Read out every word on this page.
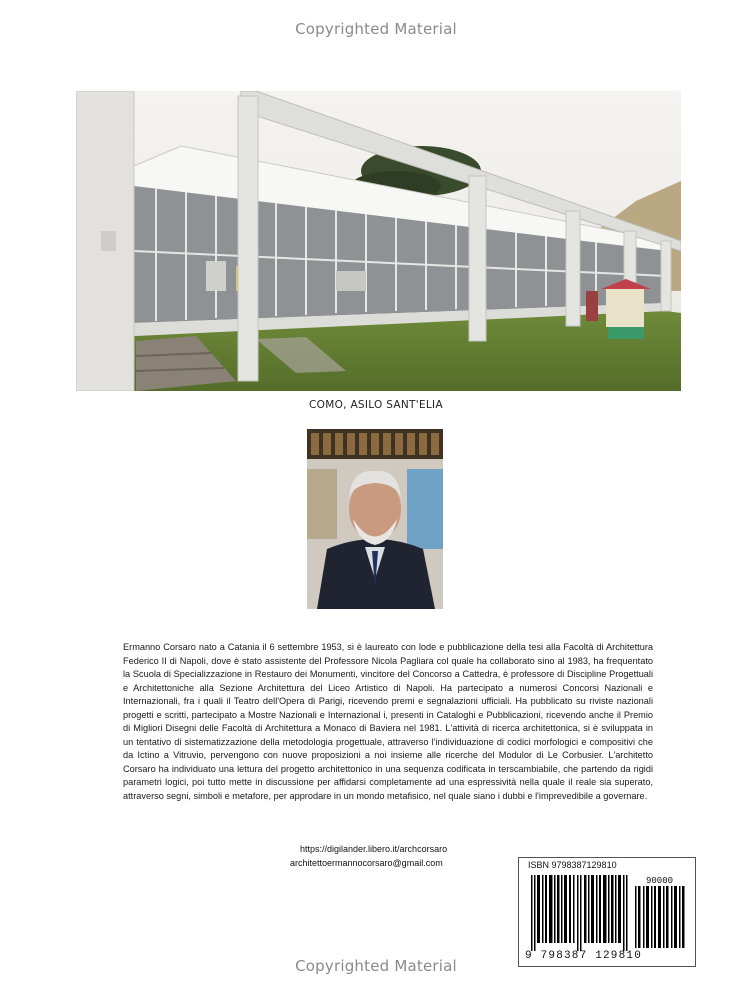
Copyrighted Material
COMO, ASILO SANT'ELIA

Ermanno Corsaro nato a Catania il 6 settembre 1953, si è laureato con lode e pubblicazione della tesi alla Facoltà di Architettura Federico II di Napoli, dove è stato assistente del Professore Nicola Pagliara col quale ha collaborato sino al 1983, ha frequentato la Scuola di Specializzazione in Restauro dei Monumenti, vincitore del Concorso a Cattedra, è professore di Discipline Progettuali e Architettoniche alla Sezione Architettura del Liceo Artistico di Napoli. Ha partecipato a numerosi Concorsi Nazionali e Internazionali, fra i quali il Teatro dell'Opera di Parigi, ricevendo premi e segnalazioni ufficiali. Ha pubblicato su riviste nazionali progetti e scritti, partecipato a Mostre Nazionali e Internazional i, presenti in Cataloghi e Pubblicazioni, ricevendo anche il Premio di Migliori Disegni delle Facoltà di Architettura a Monaco di Baviera nel 1981. L'attività di ricerca architettonica, si è sviluppata in un tentativo di sistematizzazione della metodologia progettuale, attraverso l'individuazione di codici morfologici e compositivi che da Ictino a Vitruvio, pervengono con nuove proposizioni a noi insieme alle ricerche del Modulor di Le Corbusier. L'architetto Corsaro ha individuato una lettura del progetto architettonico in una sequenza codificata in terscambiabile, che partendo da rigidi parametri logici, poi tutto mette in discussione per affidarsi completamente ad una espressività nella quale il reale sia superato, attraverso segni, simboli e metafore, per approdare in un mondo metafisico, nel quale siano i dubbi e l'imprevedibile a governare.

https://digilander.libero.it/archcorsaro
architettoermannocorsaro@gmail.com	ISBN 9798387129810
90000
9 798387 129810
Copyrighted Material
